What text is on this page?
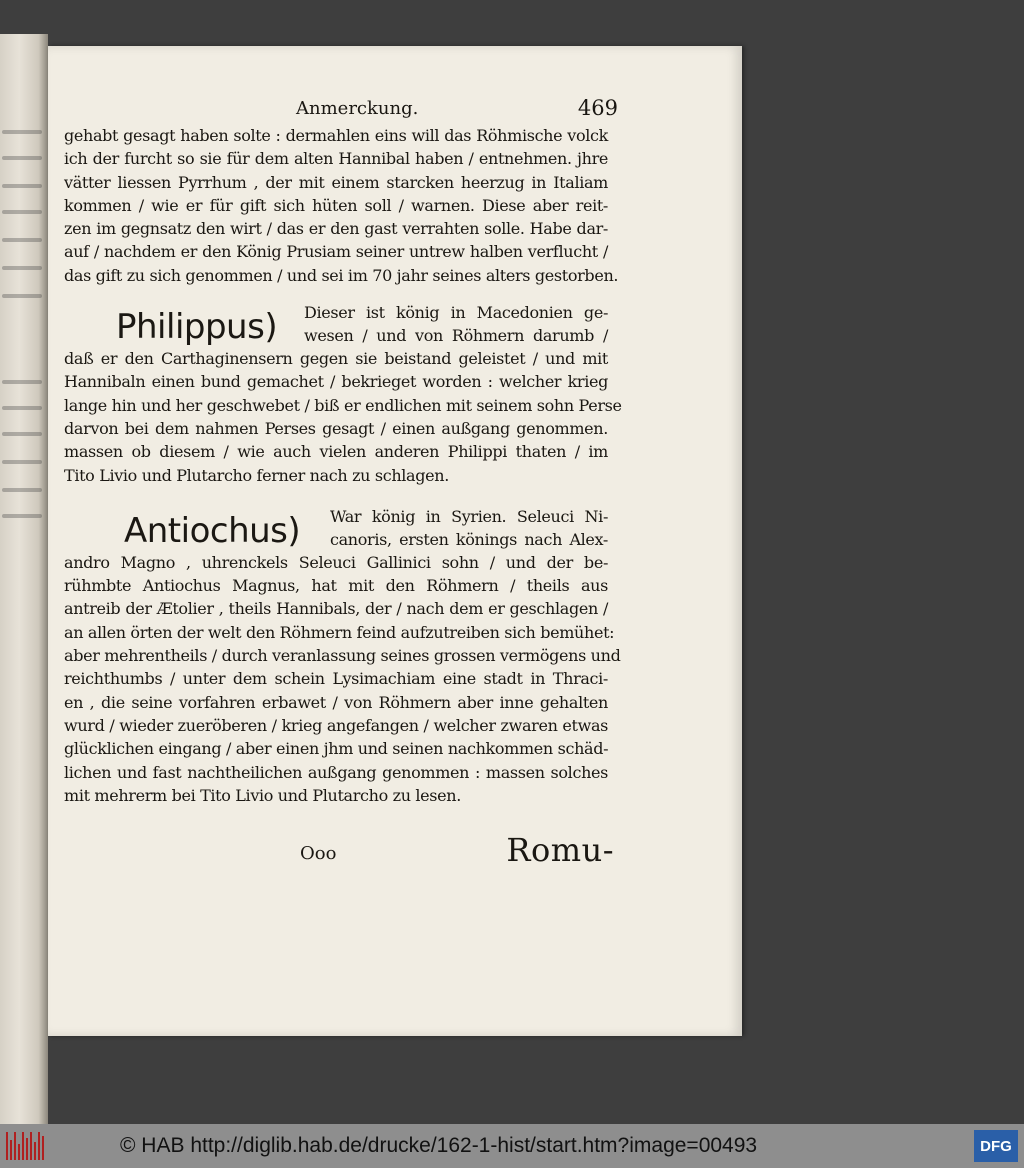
Anmerckung.	469
gehabt gesagt haben solte : dermahlen eins will das Röhmische volck
ich der furcht so sie für dem alten Hannibal haben / entnehmen. jhre
vätter liessen Pyrrhum , der mit einem starcken heerzug in Italiam
kommen / wie er für gift sich hüten soll / warnen. Diese aber reit-
zen im gegnsatz den wirt / das er den gast verrahten solle. Habe dar-
auf / nachdem er den König Prusiam seiner untrew halben verflucht /
das gift zu sich genommen / und sei im 70 jahr seines alters gestorben.
Philippus)	Dieser ist könig in Macedonien ge-
wesen / und von Röhmern darumb /
daß er den Carthaginensern gegen sie beistand geleistet / und mit
Hannibaln einen bund gemachet / bekrieget worden : welcher krieg
lange hin und her geschwebet / biß er endlichen mit seinem sohn Perse
darvon bei dem nahmen Perses gesagt / einen außgang genommen.
massen ob diesem / wie auch vielen anderen Philippi thaten / im
Tito Livio und Plutarcho ferner nach zu schlagen.
Antiochus)	War könig in Syrien. Seleuci Ni-
canoris, ersten könings nach Alex-
andro Magno , uhrenckels Seleuci Gallinici sohn / und der be-
rühmbte Antiochus Magnus, hat mit den Röhmern / theils aus
antreib der Ætolier , theils Hannibals, der / nach dem er geschlagen /
an allen örten der welt den Röhmern feind aufzutreiben sich bemühet:
aber mehrentheils / durch veranlassung seines grossen vermögens und
reichthumbs / unter dem schein Lysimachiam eine stadt in Thraci-
en , die seine vorfahren erbawet / von Röhmern aber inne gehalten
wurd / wieder zueröberen / krieg angefangen / welcher zwaren etwas
glücklichen eingang / aber einen jhm und seinen nachkommen schäd-
lichen und fast nachtheilichen außgang genommen : massen solches
mit mehrerm bei Tito Livio und Plutarcho zu lesen.
Ooo	Romu-
© HAB http://diglib.hab.de/drucke/162-1-hist/start.htm?image=00493	DFG
